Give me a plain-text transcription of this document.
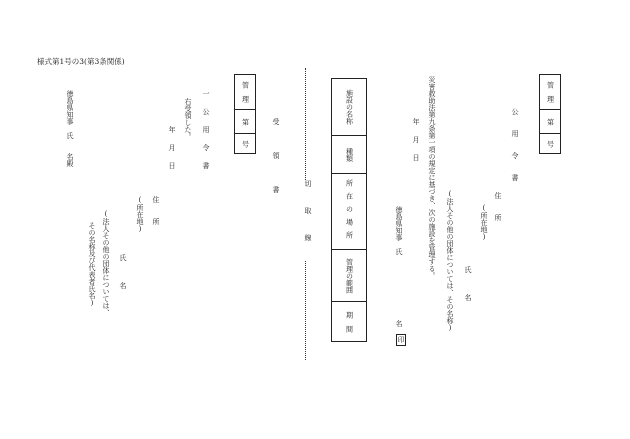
様式第1号の3(第3条関係)
管　理
第
号
公　用　令　書
住　所
(所在地)
氏　　　名
(法人その他の団体については、その名称)
災害救助法第九条第一項の規定に基づき、次の施設を管理する。
年　月　日
徳島県知事　氏
名
印
施設の名称
種類
所在の場所
管理の範囲
期　間
切取線
受　領　書
管　理
第
号
一　公　用　令　書
右受領した。
年　月　日
住　所
(所在地)
氏　　　名
(法人その他の団体については、
その名称及び代表者氏名)
徳島県知事　氏　　名殿
